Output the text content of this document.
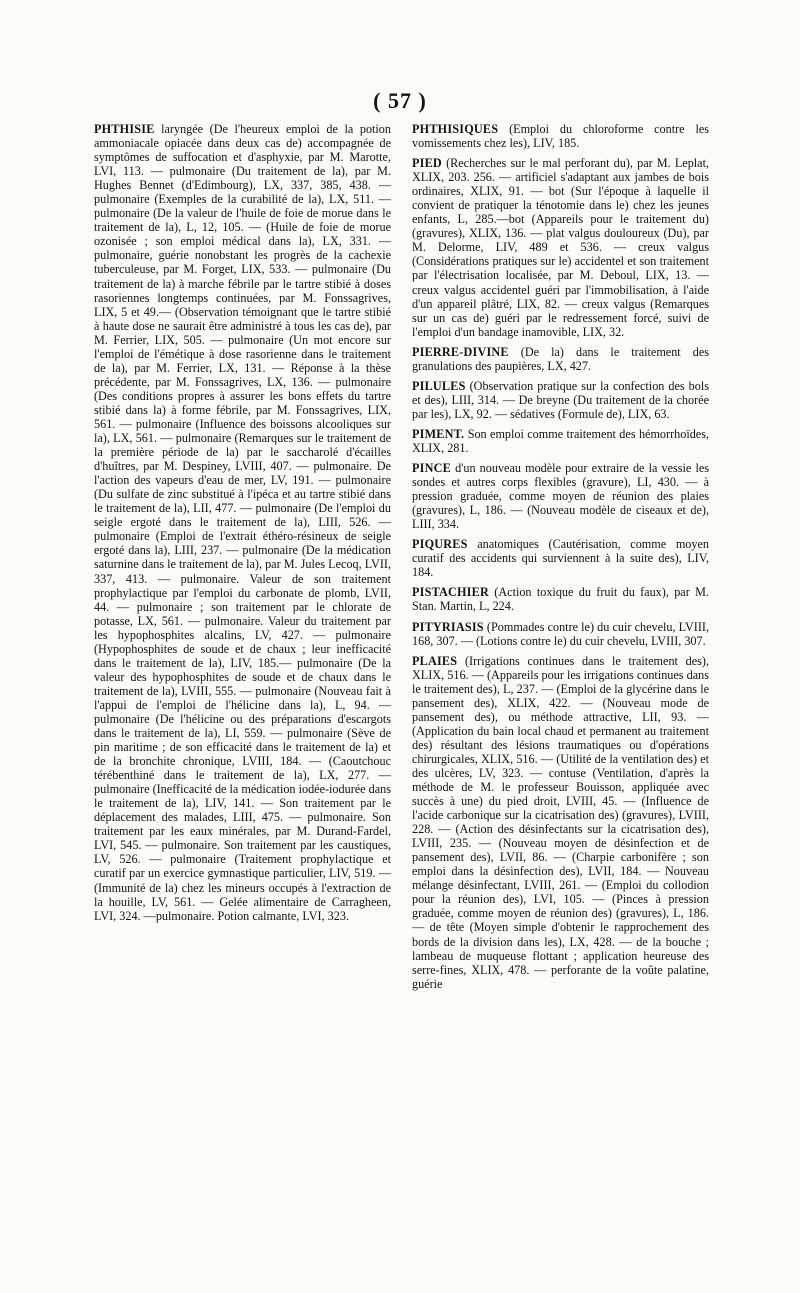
( 57 )

PHTHISIE laryngée (De l'heureux emploi de la potion ammoniacale opiacée dans deux cas de) accompagnée de symptômes de suffocation et d'asphyxie, par M. Marotte, LVI, 113. — pulmonaire (Du traitement de la), par M. Hughes Bennet (d'Edimbourg), LX, 337, 385, 438. — pulmonaire (Exemples de la curabilité de la), LX, 511. — pulmonaire (De la valeur de l'huile de foie de morue dans le traitement de la), L, 12, 105. — (Huile de foie de morue ozonisée ; son emploi médical dans la), LX, 331. — pulmonaire, guérie nonobstant les progrès de la cachexie tuberculeuse, par M. Forget, LIX, 533. — pulmonaire (Du traitement de la) à marche fébrile par le tartre stibié à doses rasoriennes longtemps continuées, par M. Fonssagrives, LIX, 5 et 49.— (Observation témoignant que le tartre stibié à haute dose ne saurait être administré à tous les cas de), par M. Ferrier, LIX, 505. — pulmonaire (Un mot encore sur l'emploi de l'émétique à dose rasorienne dans le traitement de la), par M. Ferrier, LX, 131. — Réponse à la thèse précédente, par M. Fonssagrives, LX, 136. — pulmonaire (Des conditions propres à assurer les bons effets du tartre stibié dans la) à forme fébrile, par M. Fonssagrives, LIX, 561. — pulmonaire (Influence des boissons alcooliques sur la), LX, 561. — pulmonaire (Remarques sur le traitement de la première période de la) par le saccharolé d'écailles d'huîtres, par M. Despiney, LVIII, 407. — pulmonaire. De l'action des vapeurs d'eau de mer, LV, 191. — pulmonaire (Du sulfate de zinc substitué à l'ipéca et au tartre stibié dans le traitement de la), LII, 477. — pulmonaire (De l'emploi du seigle ergoté dans le traitement de la), LIII, 526. — pulmonaire (Emploi de l'extrait éthéro-résineux de seigle ergoté dans la), LIII, 237. — pulmonaire (De la médication saturnine dans le traitement de la), par M. Jules Lecoq, LVII, 337, 413. — pulmonaire. Valeur de son traitement prophylactique par l'emploi du carbonate de plomb, LVII, 44. — pulmonaire ; son traitement par le chlorate de potasse, LX, 561. — pulmonaire. Valeur du traitement par les hypophosphites alcalins, LV, 427. — pulmonaire (Hypophosphites de soude et de chaux ; leur inefficacité dans le traitement de la), LIV, 185.— pulmonaire (De la valeur des hypophosphites de soude et de chaux dans le traitement de la), LVIII, 555. — pulmonaire (Nouveau fait à l'appui de l'emploi de l'hélicine dans la), L, 94. — pulmonaire (De l'hélicine ou des préparations d'escargots dans le traitement de la), LI, 559. — pulmonaire (Sève de pin maritime ; de son efficacité dans le traitement de la) et de la bronchite chronique, LVIII, 184. — (Caoutchouc térébenthiné dans le traitement de la), LX, 277. — pulmonaire (Inefficacité de la médication iodée-iodurée dans le traitement de la), LIV, 141. — Son traitement par le déplacement des malades, LIII, 475. — pulmonaire. Son traitement par les eaux minérales, par M. Durand-Fardel, LVI, 545. — pulmonaire. Son traitement par les caustiques, LV, 526. — pulmonaire (Traitement prophylactique et curatif par un exercice gymnastique particulier, LIV, 519. — (Immunité de la) chez les mineurs occupés à l'extraction de la houille, LV, 561. — Gelée alimentaire de Carragheen, LVI, 324. —pulmonaire. Potion calmante, LVI, 323.

PHTHISIQUES (Emploi du chloroforme contre les vomissements chez les), LIV, 185.

PIED (Recherches sur le mal perforant du), par M. Leplat, XLIX, 203. 256. — artificiel s'adaptant aux jambes de bois ordinaires, XLIX, 91. — bot (Sur l'époque à laquelle il convient de pratiquer la ténotomie dans le) chez les jeunes enfants, L, 285.—bot (Appareils pour le traitement du) (gravures), XLIX, 136. — plat valgus douloureux (Du), par M. Delorme, LIV, 489 et 536. — creux valgus (Considérations pratiques sur le) accidentel et son traitement par l'électrisation localisée, par M. Deboul, LIX, 13. — creux valgus accidentel guéri par l'immobilisation, à l'aide d'un appareil plâtré, LIX, 82. — creux valgus (Remarques sur un cas de) guéri par le redressement forcé, suivi de l'emploi d'un bandage inamovible, LIX, 32.

PIERRE-DIVINE (De la) dans le traitement des granulations des paupières, LX, 427.

PILULES (Observation pratique sur la confection des bols et des), LIII, 314. — De breyne (Du traitement de la chorée par les), LX, 92. — sédatives (Formule de), LIX, 63.

PIMENT. Son emploi comme traitement des hémorrhoïdes, XLIX, 281.

PINCE d'un nouveau modèle pour extraire de la vessie les sondes et autres corps flexibles (gravure), LI, 430. — à pression graduée, comme moyen de réunion des plaies (gravures), L, 186. — (Nouveau modèle de ciseaux et de), LIII, 334.

PIQURES anatomiques (Cautérisation, comme moyen curatif des accidents qui surviennent à la suite des), LIV, 184.

PISTACHIER (Action toxique du fruit du faux), par M. Stan. Martin, L, 224.

PITYRIASIS (Pommades contre le) du cuir chevelu, LVIII, 168, 307. — (Lotions contre le) du cuir chevelu, LVIII, 307.

PLAIES (Irrigations continues dans le traitement des), XLIX, 516. — (Appareils pour les irrigations continues dans le traitement des), L, 237. — (Emploi de la glycérine dans le pansement des), XLIX, 422. — (Nouveau mode de pansement des), ou méthode attractive, LII, 93. — (Application du bain local chaud et permanent au traitement des) résultant des lésions traumatiques ou d'opérations chirurgicales, XLIX, 516. — (Utilité de la ventilation des) et des ulcères, LV, 323. — contuse (Ventilation, d'après la méthode de M. le professeur Bouisson, appliquée avec succès à une) du pied droit, LVIII, 45. — (Influence de l'acide carbonique sur la cicatrisation des) (gravures), LVIII, 228. — (Action des désinfectants sur la cicatrisation des), LVIII, 235. — (Nouveau moyen de désinfection et de pansement des), LVII, 86. — (Charpie carbonifère ; son emploi dans la désinfection des), LVII, 184. — Nouveau mélange désinfectant, LVIII, 261. — (Emploi du collodion pour la réunion des), LVI, 105. — (Pinces à pression graduée, comme moyen de réunion des) (gravures), L, 186. — de tête (Moyen simple d'obtenir le rapprochement des bords de la division dans les), LX, 428. — de la bouche ; lambeau de muqueuse flottant ; application heureuse des serre-fines, XLIX, 478. — perforante de la voûte palatine, guérie
